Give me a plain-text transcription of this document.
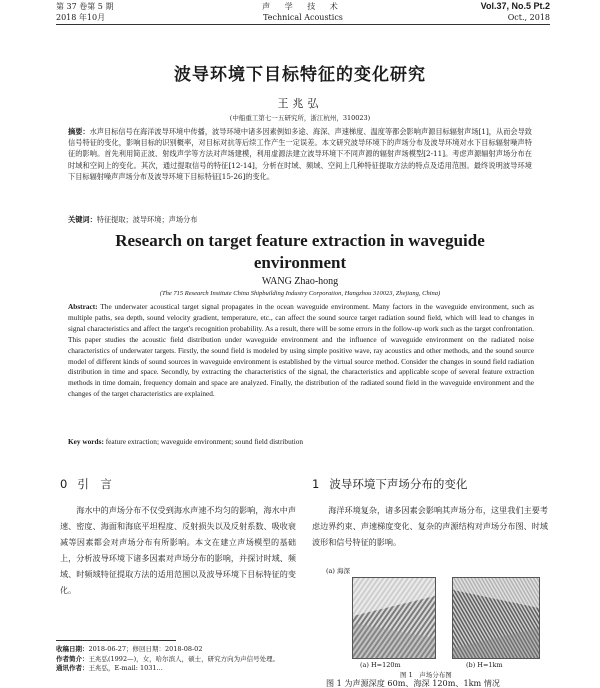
第 37 卷第 5 期
2018 年10月
声 学 技 术
Technical Acoustics
Vol.37, No.5 Pt.2
Oct., 2018
波导环境下目标特征的变化研究
王兆弘
(中船重工第七一五研究所，浙江杭州，310023)
摘要：水声目标信号在海洋波导环境中传播，波导环境中诸多因素例如多途、海深、声速梯度、温度等都会影响声源目标辐射声场[1]，从而会导致信号特征的变化，影响目标的识别概率，对目标对抗等后续工作产生一定误差。本文研究波导环境下的声场分布及波导环境对水下目标辐射噪声特征的影响。首先利用简正波、射线声学等方法对声场建模，利用虚源法建立波导环境下不同声源的辐射声场模型[2-11]。考虑声源辐射声场分布在时域和空间上的变化。其次，通过提取信号的特征[12-14]，分析在时域、频域、空间上几种特征提取方法的特点及适用范围。最终说明波导环境下目标辐射噪声声场分布及波导环境下目标特征[15-26]的变化。
关键词：特征提取；波导环境；声场分布
Research on target feature extraction in waveguide
environment
WANG Zhao-hong
(The 715 Research Institute China Shipbuilding Industry Corporation, Hangzhou 310023, Zhejiang, China)
Abstract: The underwater acoustical target signal propagates in the ocean waveguide environment. Many factors in the waveguide environment, such as multiple paths, sea depth, sound velocity gradient, temperature, etc., can affect the sound source target radiation sound field, which will lead to changes in signal characteristics and affect the target's recognition probability. As a result, there will be some errors in the follow-up work such as the target confrontation. This paper studies the acoustic field distribution under waveguide environment and the influence of waveguide environment on the radiated noise characteristics of underwater targets. Firstly, the sound field is modeled by using simple positive wave, ray acoustics and other methods, and the sound source model of different kinds of sound sources in waveguide environment is established by the virtual source method. Consider the changes in sound field radiation distribution in time and space. Secondly, by extracting the characteristics of the signal, the characteristics and applicable scope of several feature extraction methods in time domain, frequency domain and space are analyzed. Finally, the distribution of the radiated sound field in the waveguide environment and the changes of the target characteristics are explained.
Key words: feature extraction; waveguide environment; sound field distribution
0 引　言
海水中的声场分布不仅受到海水声速不均匀的影响，海水中声速、密度、海面和海底平坦程度、反射损失以及反射系数、吸收衰减等因素都会对声场分布有所影响。本文在建立声场模型的基础上，分析波导环境下诸多因素对声场分布的影响，并探讨时域、频域、时频域特征提取方法的适用范围以及波导环境下目标特征的变化。
1 波导环境下声场分布的变化
海洋环境复杂，诸多因素会影响其声场分布，这里我们主要考虑边界约束、声速梯度变化、复杂的声源结构对声场分布图、时域波形和信号特征的影响。
(a) 海深
(a) H=120m	(b) H=1km
图 1　声场分布图
图 1 为声源深度 60m、海深 120m、1km 情况
收稿日期：2018-06-27；修回日期：2018-08-02
作者简介：王兆弘(1992—)，女，哈尔滨人，硕士，研究方向为声信号处理。
通讯作者：王兆弘，E-mail: 1031...
